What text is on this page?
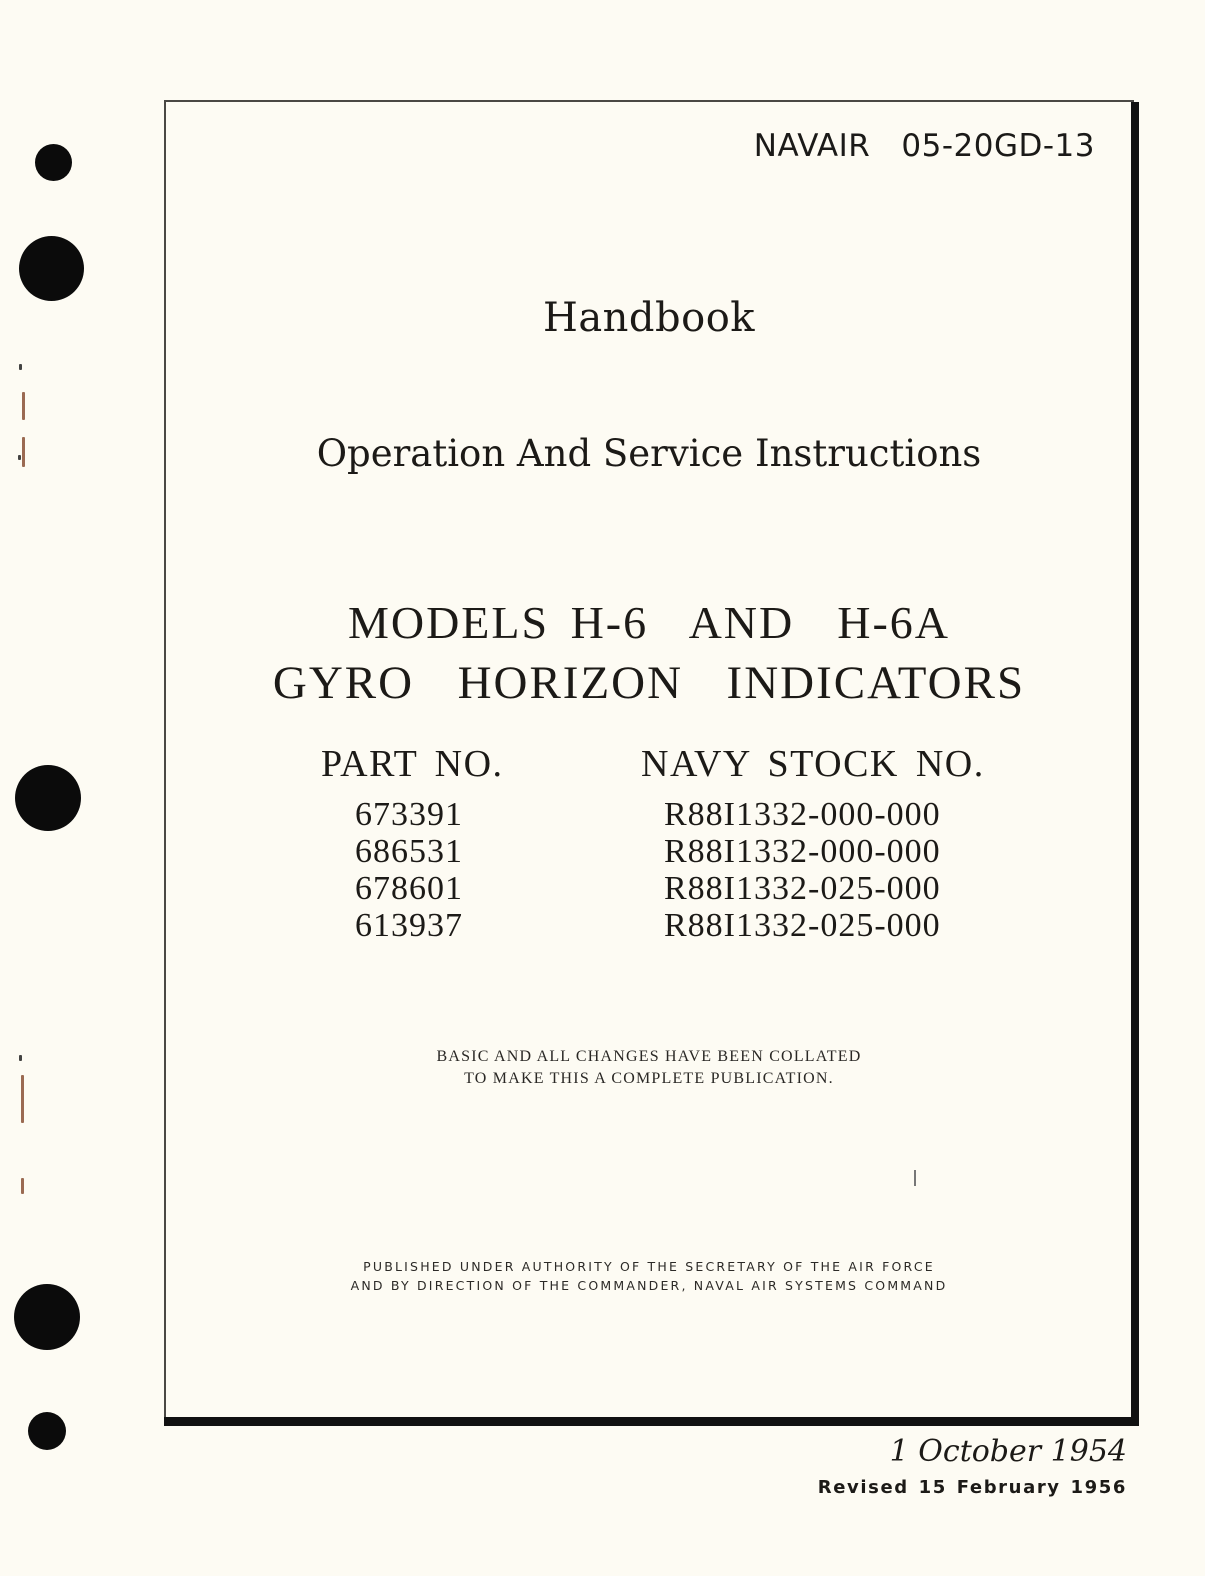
NAVAIR   05-20GD-13
Handbook
Operation And Service Instructions
MODELS H-6  AND  H-6A
GYRO  HORIZON  INDICATORS
PART NO.	NAVY STOCK NO.
673391	R88I1332-000-000
686531	R88I1332-000-000
678601	R88I1332-025-000
613937	R88I1332-025-000
BASIC AND ALL CHANGES HAVE BEEN COLLATED
TO MAKE THIS A COMPLETE PUBLICATION.
PUBLISHED UNDER AUTHORITY OF THE SECRETARY OF THE AIR FORCE
AND BY DIRECTION OF THE COMMANDER, NAVAL AIR SYSTEMS COMMAND
1 October 1954
Revised 15 February 1956
